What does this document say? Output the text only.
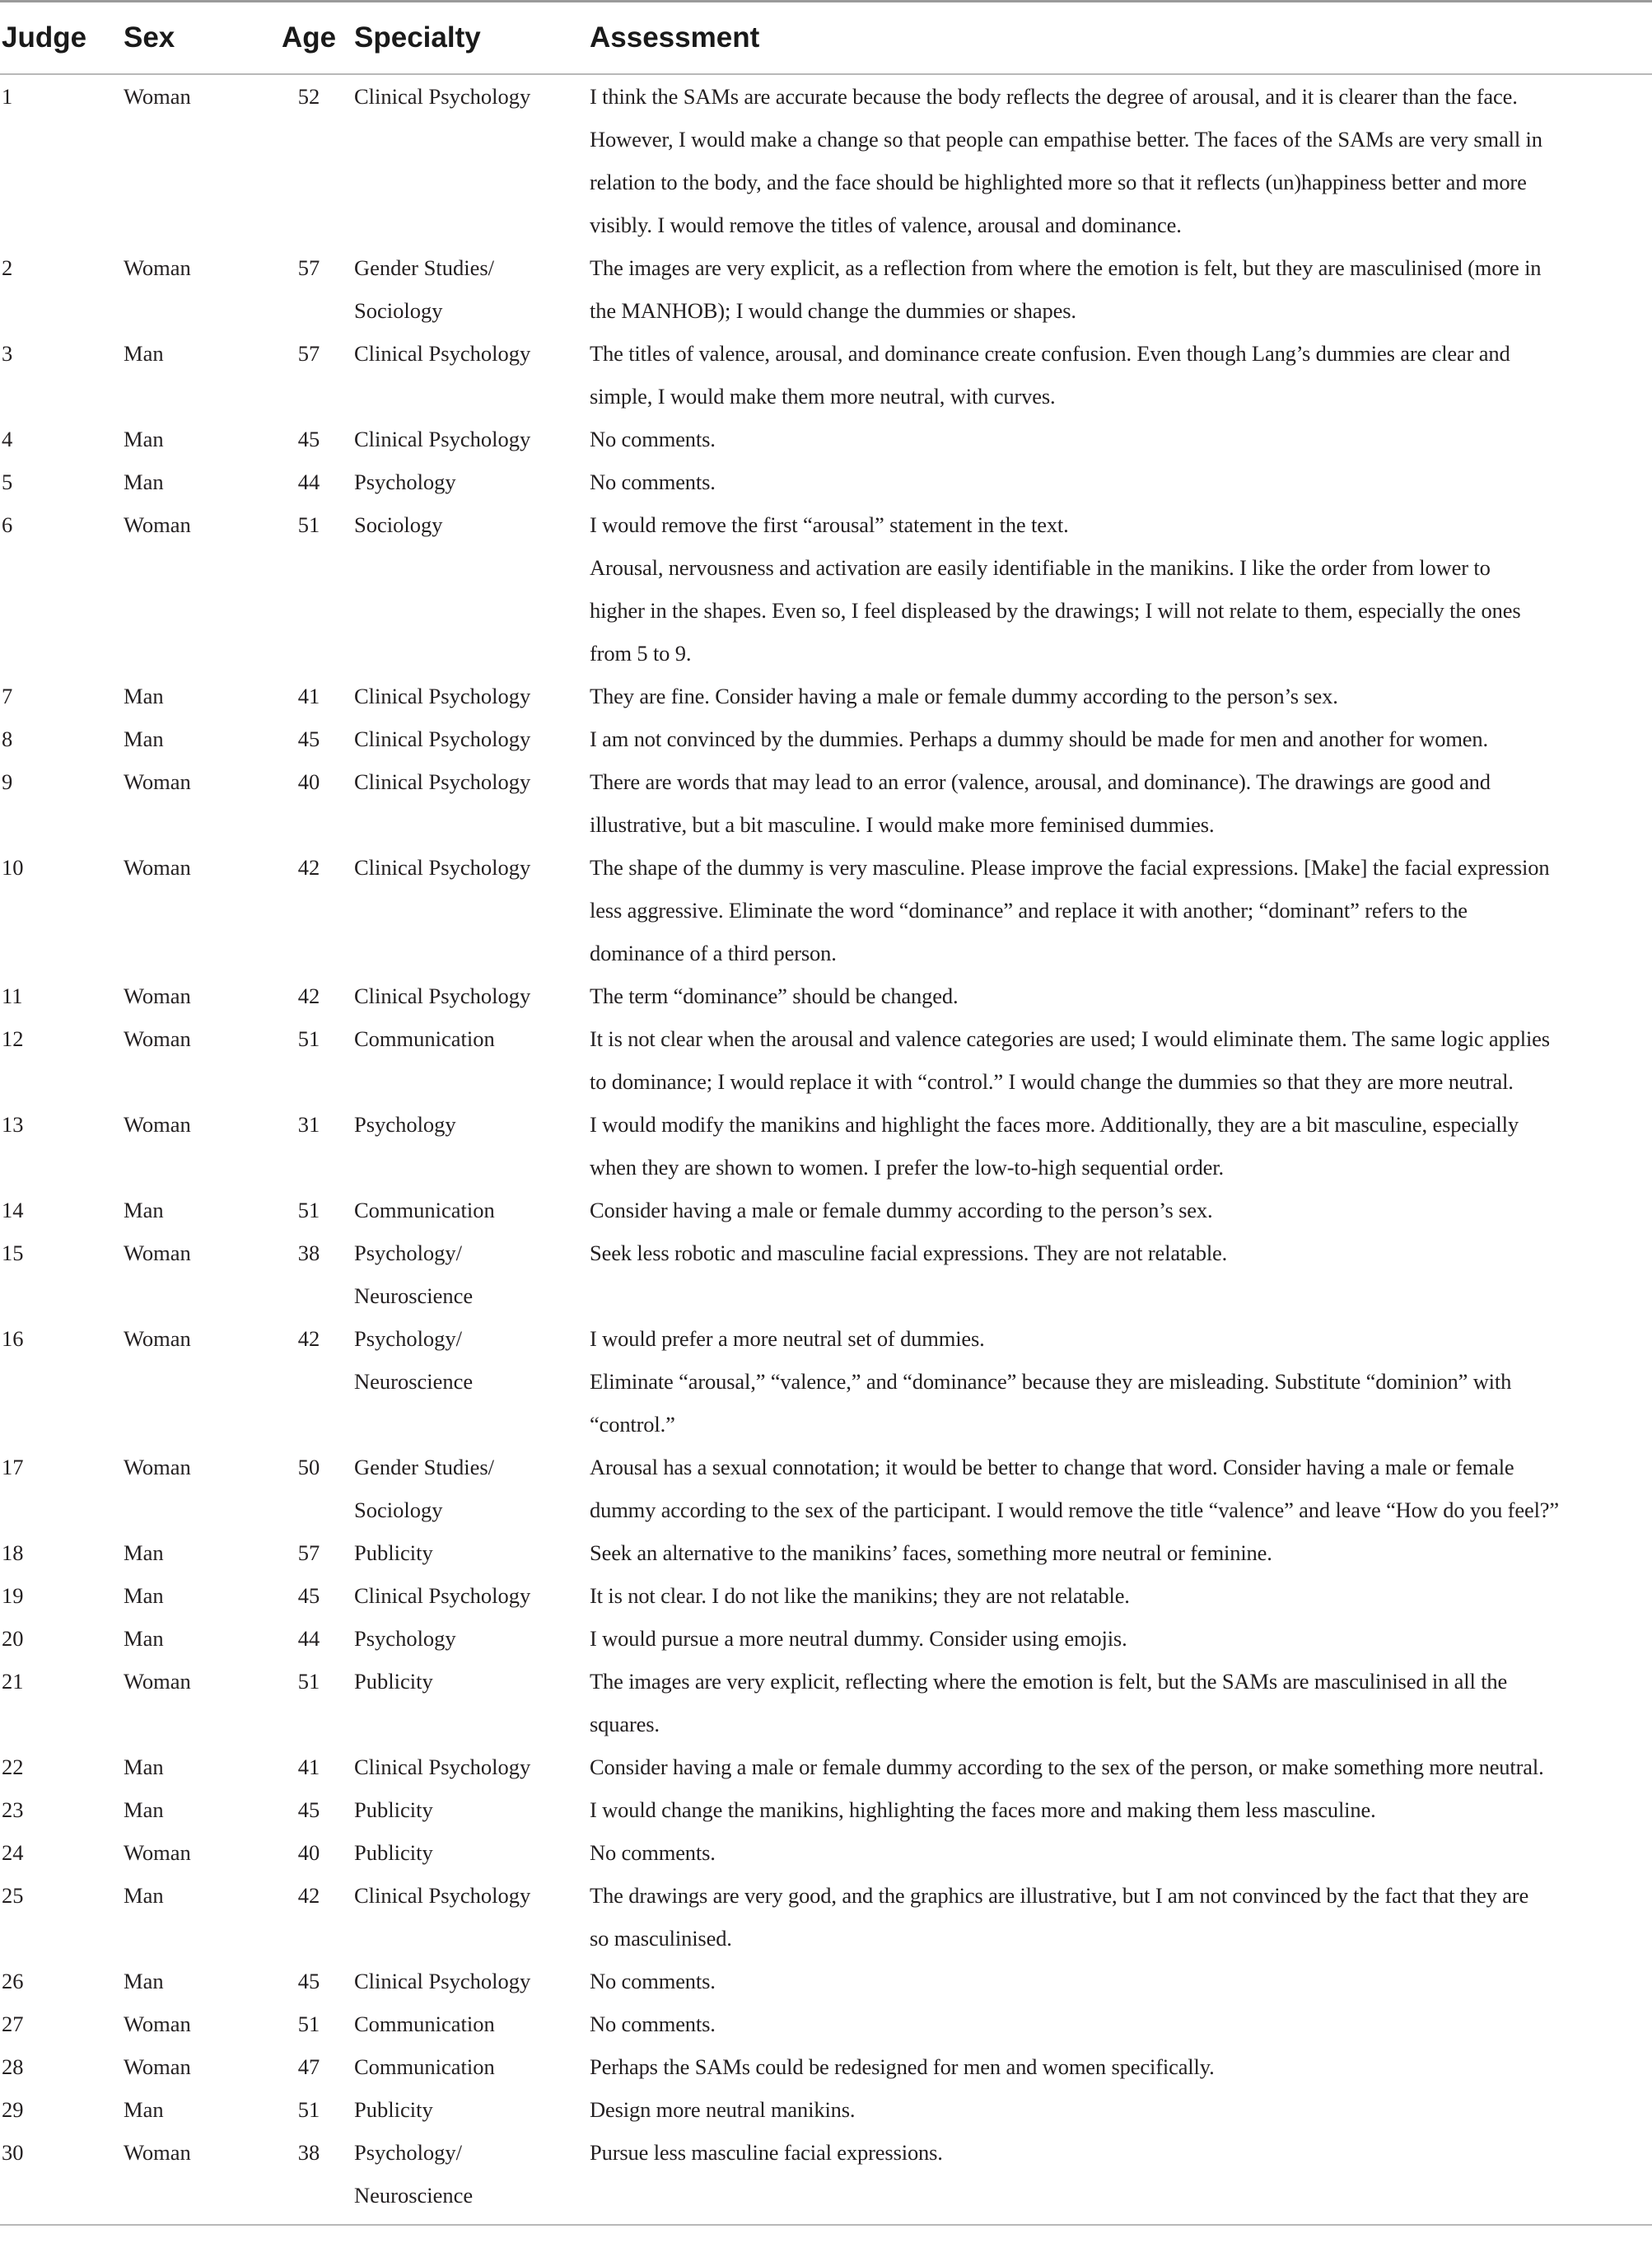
Judge	Sex	Age	Specialty	Assessment
1	Woman	52	Clinical Psychology	I think the SAMs are accurate because the body reflects the degree of arousal, and it is clearer than the face.
However, I would make a change so that people can empathise better. The faces of the SAMs are very small in
relation to the body, and the face should be highlighted more so that it reflects (un)happiness better and more
visibly. I would remove the titles of valence, arousal and dominance.

2	Woman	57	Gender Studies/
Sociology	The images are very explicit, as a reflection from where the emotion is felt, but they are masculinised (more in
the MANHOB); I would change the dummies or shapes.

3	Man	57	Clinical Psychology	The titles of valence, arousal, and dominance create confusion. Even though Lang’s dummies are clear and
simple, I would make them more neutral, with curves.

4	Man	45	Clinical Psychology	No comments.

5	Man	44	Psychology	No comments.

6	Woman	51	Sociology	I would remove the first “arousal” statement in the text.
Arousal, nervousness and activation are easily identifiable in the manikins. I like the order from lower to
higher in the shapes. Even so, I feel displeased by the drawings; I will not relate to them, especially the ones
from 5 to 9.

7	Man	41	Clinical Psychology	They are fine. Consider having a male or female dummy according to the person’s sex.

8	Man	45	Clinical Psychology	I am not convinced by the dummies. Perhaps a dummy should be made for men and another for women.

9	Woman	40	Clinical Psychology	There are words that may lead to an error (valence, arousal, and dominance). The drawings are good and
illustrative, but a bit masculine. I would make more feminised dummies.

10	Woman	42	Clinical Psychology	The shape of the dummy is very masculine. Please improve the facial expressions. [Make] the facial expression
less aggressive. Eliminate the word “dominance” and replace it with another; “dominant” refers to the
dominance of a third person.

11	Woman	42	Clinical Psychology	The term “dominance” should be changed.

12	Woman	51	Communication	It is not clear when the arousal and valence categories are used; I would eliminate them. The same logic applies
to dominance; I would replace it with “control.” I would change the dummies so that they are more neutral.

13	Woman	31	Psychology	I would modify the manikins and highlight the faces more. Additionally, they are a bit masculine, especially
when they are shown to women. I prefer the low-to-high sequential order.

14	Man	51	Communication	Consider having a male or female dummy according to the person’s sex.

15	Woman	38	Psychology/
Neuroscience	Seek less robotic and masculine facial expressions. They are not relatable.

16	Woman	42	Psychology/
Neuroscience	I would prefer a more neutral set of dummies.
Eliminate “arousal,” “valence,” and “dominance” because they are misleading. Substitute “dominion” with
“control.”

17	Woman	50	Gender Studies/
Sociology	Arousal has a sexual connotation; it would be better to change that word. Consider having a male or female
dummy according to the sex of the participant. I would remove the title “valence” and leave “How do you feel?”

18	Man	57	Publicity	Seek an alternative to the manikins’ faces, something more neutral or feminine.

19	Man	45	Clinical Psychology	It is not clear. I do not like the manikins; they are not relatable.

20	Man	44	Psychology	I would pursue a more neutral dummy. Consider using emojis.

21	Woman	51	Publicity	The images are very explicit, reflecting where the emotion is felt, but the SAMs are masculinised in all the
squares.

22	Man	41	Clinical Psychology	Consider having a male or female dummy according to the sex of the person, or make something more neutral.

23	Man	45	Publicity	I would change the manikins, highlighting the faces more and making them less masculine.

24	Woman	40	Publicity	No comments.

25	Man	42	Clinical Psychology	The drawings are very good, and the graphics are illustrative, but I am not convinced by the fact that they are
so masculinised.

26	Man	45	Clinical Psychology	No comments.

27	Woman	51	Communication	No comments.

28	Woman	47	Communication	Perhaps the SAMs could be redesigned for men and women specifically.

29	Man	51	Publicity	Design more neutral manikins.

30	Woman	38	Psychology/
Neuroscience	Pursue less masculine facial expressions.
